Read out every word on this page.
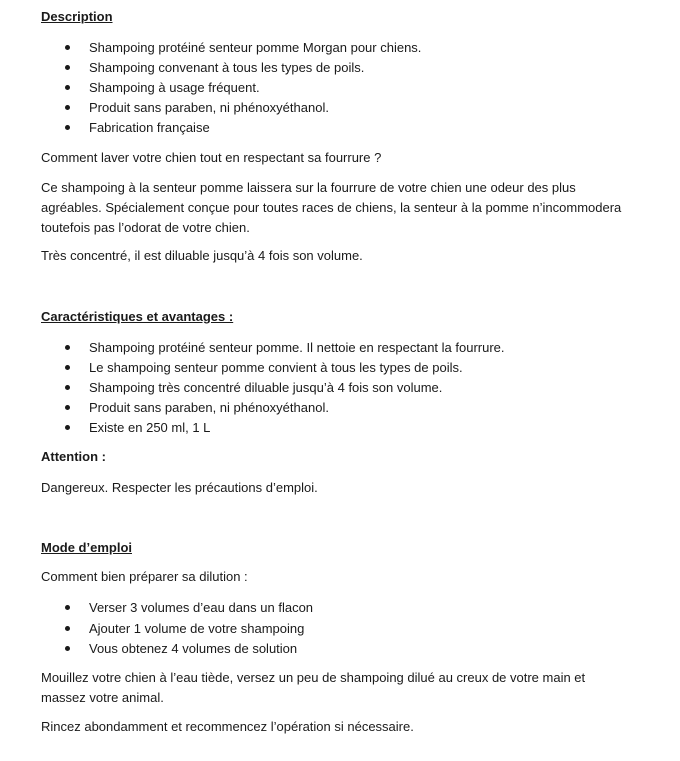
Description
Shampoing protéiné senteur pomme Morgan pour chiens.
Shampoing convenant à tous les types de poils.
Shampoing à usage fréquent.
Produit sans paraben, ni phénoxyéthanol.
Fabrication française
Comment laver votre chien tout en respectant sa fourrure ?
Ce shampoing à la senteur pomme laissera sur la fourrure de votre chien une odeur des plus
agréables. Spécialement conçue pour toutes races de chiens, la senteur à la pomme n’incommodera
toutefois pas l’odorat de votre chien.
Très concentré, il est diluable jusqu’à 4 fois son volume.
Caractéristiques et avantages :
Shampoing protéiné senteur pomme. Il nettoie en respectant la fourrure.
Le shampoing senteur pomme convient à tous les types de poils.
Shampoing très concentré diluable jusqu’à 4 fois son volume.
Produit sans paraben, ni phénoxyéthanol.
Existe en 250 ml, 1 L
Attention :
Dangereux. Respecter les précautions d’emploi.
Mode d’emploi
Comment bien préparer sa dilution :
Verser 3 volumes d’eau dans un flacon
Ajouter 1 volume de votre shampoing
Vous obtenez 4 volumes de solution
Mouillez votre chien à l’eau tiède, versez un peu de shampoing dilué au creux de votre main et
massez votre animal.
Rincez abondamment et recommencez l’opération si nécessaire.
